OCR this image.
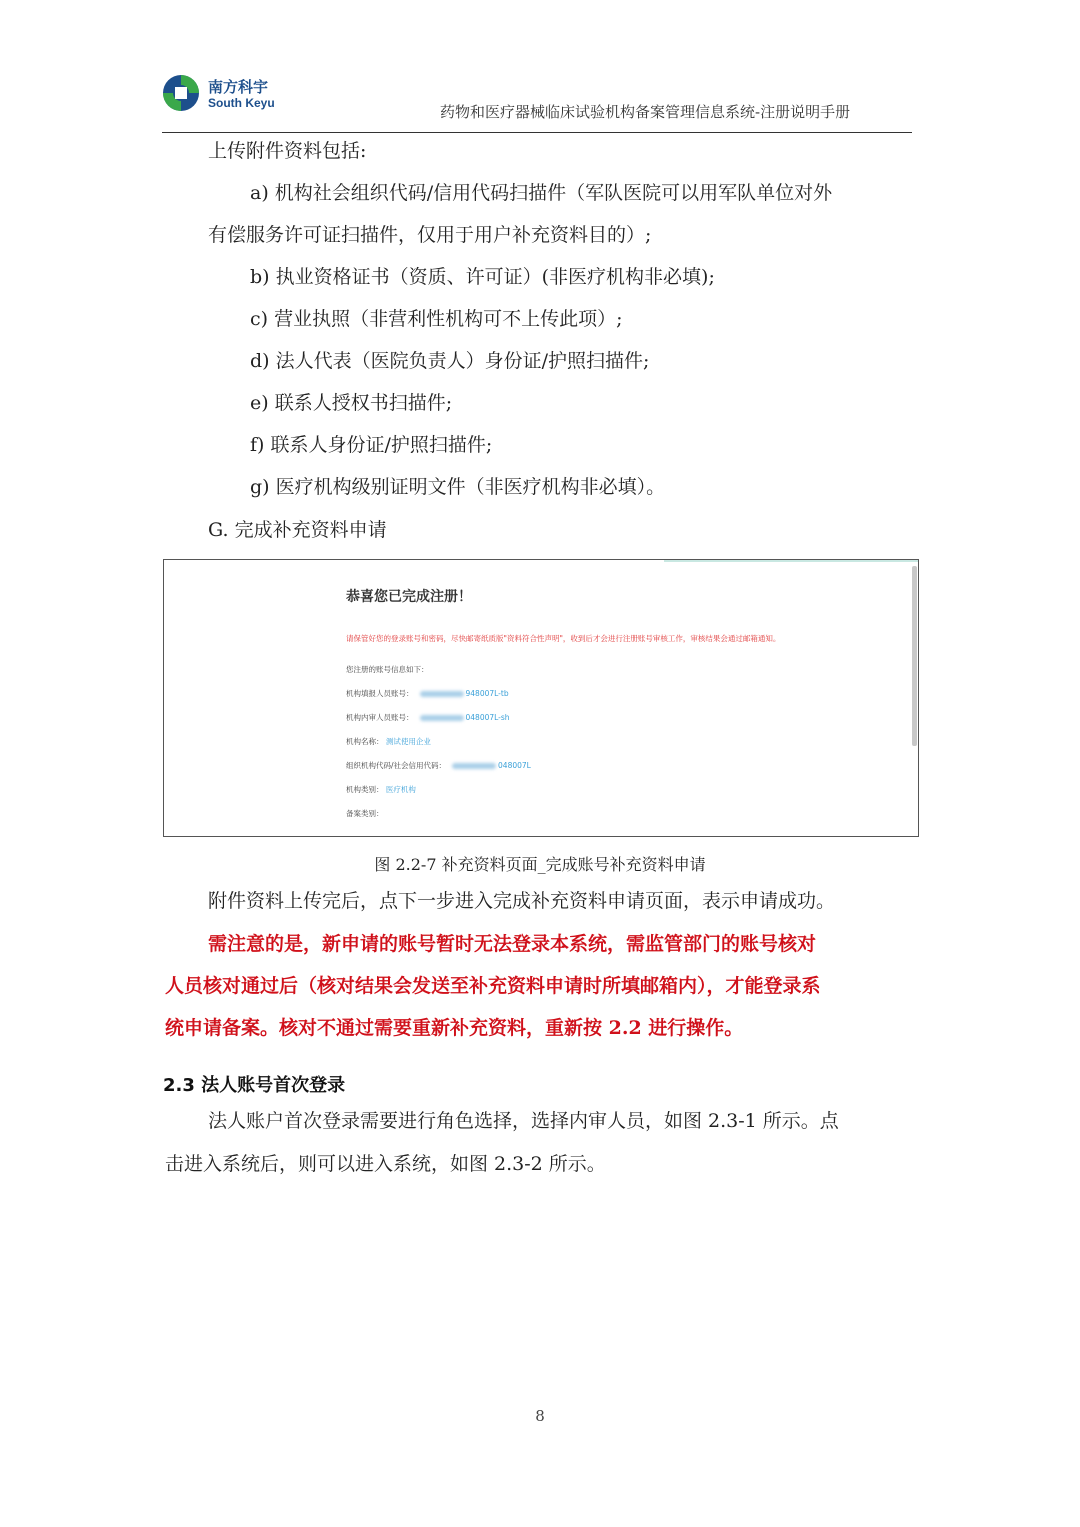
南方科宇
South Keyu	药物和医疗器械临床试验机构备案管理信息系统-注册说明手册
上传附件资料包括:
a) 机构社会组织代码/信用代码扫描件（军队医院可以用军队单位对外
有偿服务许可证扫描件，仅用于用户补充资料目的）;
b) 执业资格证书（资质、许可证）(非医疗机构非必填);
c) 营业执照（非营利性机构可不上传此项）;
d) 法人代表（医院负责人）身份证/护照扫描件;
e) 联系人授权书扫描件;
f) 联系人身份证/护照扫描件;
g) 医疗机构级别证明文件（非医疗机构非必填）。
G. 完成补充资料申请
恭喜您已完成注册！
请保管好您的登录账号和密码，尽快邮寄纸质版"资料符合性声明"，收到后才会进行注册账号审核工作，审核结果会通过邮箱通知。
您注册的账号信息如下：
机构填报人员账号：	948007L-tb
机构内审人员账号：	048007L-sh
机构名称： 测试使用企业
组织机构代码/社会信用代码：	048007L
机构类别： 医疗机构
备案类别：
图 2.2-7 补充资料页面_完成账号补充资料申请
附件资料上传完后，点下一步进入完成补充资料申请页面，表示申请成功。
需注意的是，新申请的账号暂时无法登录本系统，需监管部门的账号核对
人员核对通过后（核对结果会发送至补充资料申请时所填邮箱内），才能登录系
统申请备案。核对不通过需要重新补充资料，重新按 2.2 进行操作。
2.3 法人账号首次登录
法人账户首次登录需要进行角色选择，选择内审人员，如图 2.3-1 所示。点
击进入系统后，则可以进入系统，如图 2.3-2 所示。
8
